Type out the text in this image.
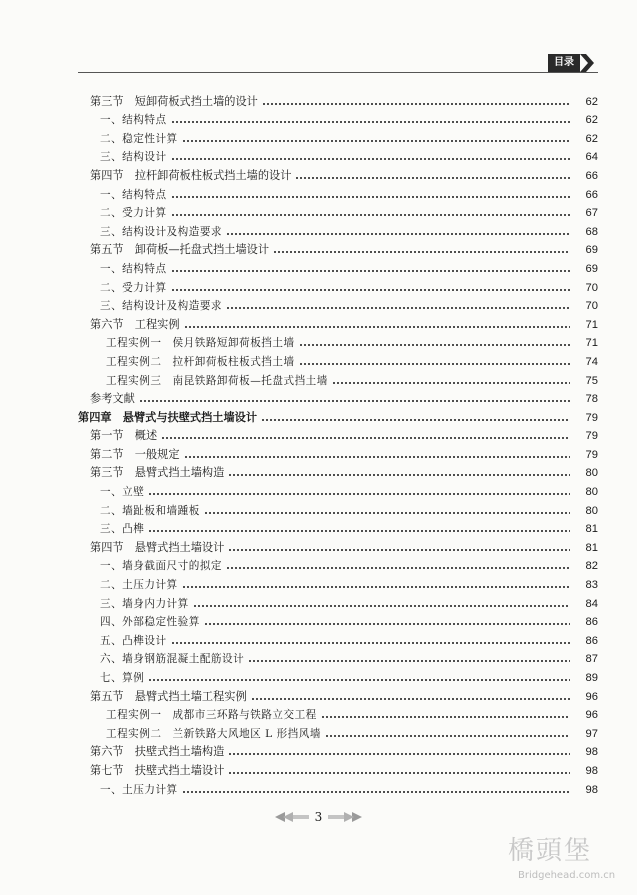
目录
第三节　短卸荷板式挡土墙的设计	62
一、结构特点	62
二、稳定性计算	62
三、结构设计	64
第四节　拉杆卸荷板柱板式挡土墙的设计	66
一、结构特点	66
二、受力计算	67
三、结构设计及构造要求	68
第五节　卸荷板—托盘式挡土墙设计	69
一、结构特点	69
二、受力计算	70
三、结构设计及构造要求	70
第六节　工程实例	71
工程实例一　侯月铁路短卸荷板挡土墙	71
工程实例二　拉杆卸荷板柱板式挡土墙	74
工程实例三　南昆铁路卸荷板—托盘式挡土墙	75
参考文献	78
第四章　悬臂式与扶壁式挡土墙设计	79
第一节　概述	79
第二节　一般规定	79
第三节　悬臂式挡土墙构造	80
一、立壁	80
二、墙趾板和墙踵板	80
三、凸榫	81
第四节　悬臂式挡土墙设计	81
一、墙身截面尺寸的拟定	82
二、土压力计算	83
三、墙身内力计算	84
四、外部稳定性验算	86
五、凸榫设计	86
六、墙身钢筋混凝土配筋设计	87
七、算例	89
第五节　悬臂式挡土墙工程实例	96
工程实例一　成都市三环路与铁路立交工程	96
工程实例二　兰新铁路大风地区 L 形挡风墙	97
第六节　扶壁式挡土墙构造	98
第七节　扶壁式挡土墙设计	98
一、土压力计算	98
3
橋頭堡
Bridgehead.com.cn
